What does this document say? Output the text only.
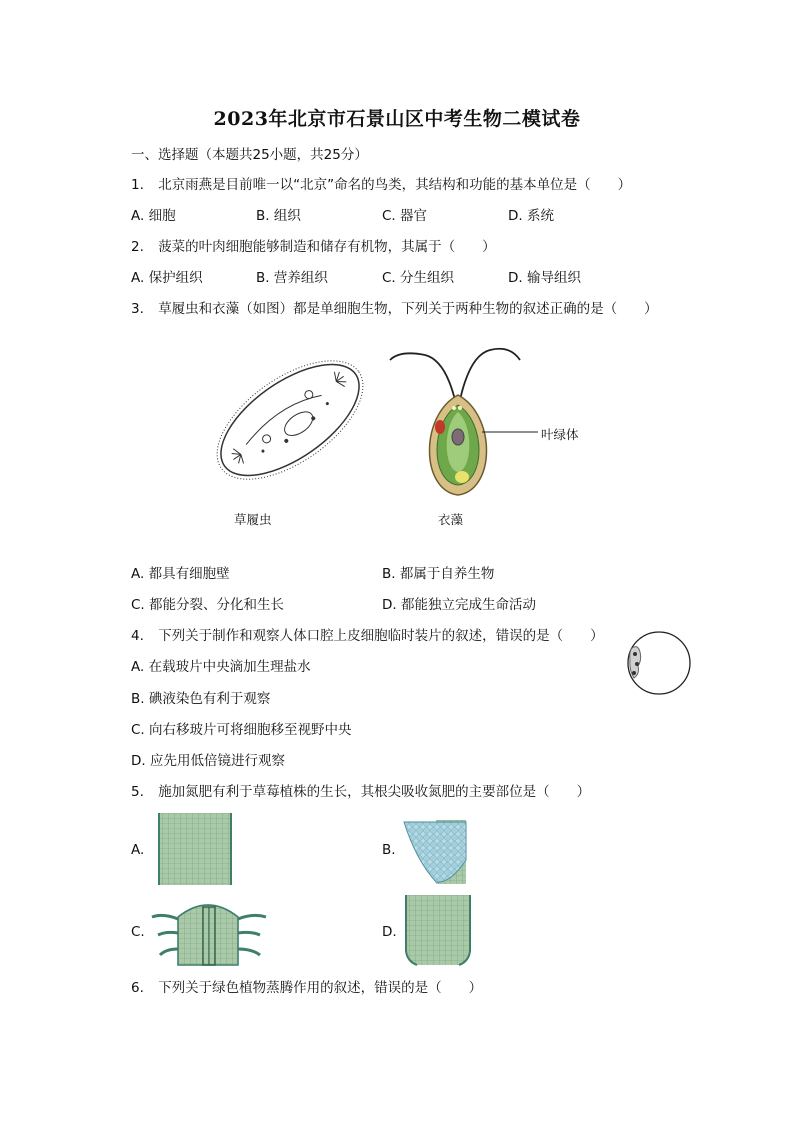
2023年北京市石景山区中考生物二模试卷
一、选择题（本题共25小题，共25分）
1. 北京雨燕是目前唯一以“北京”命名的鸟类，其结构和功能的基本单位是（　　）
A. 细胞	B. 组织	C. 器官	D. 系统
2. 菠菜的叶肉细胞能够制造和储存有机物，其属于（　　）
A. 保护组织	B. 营养组织	C. 分生组织	D. 输导组织
3. 草履虫和衣藻（如图）都是单细胞生物，下列关于两种生物的叙述正确的是（　　）
草履虫
叶绿体
衣藻
A. 都具有细胞壁	B. 都属于自养生物
C. 都能分裂、分化和生长	D. 都能独立完成生命活动
4. 下列关于制作和观察人体口腔上皮细胞临时装片的叙述，错误的是（　　）
A. 在载玻片中央滴加生理盐水
B. 碘液染色有利于观察
C. 向右移玻片可将细胞移至视野中央
D. 应先用低倍镜进行观察
5. 施加氮肥有利于草莓植株的生长，其根尖吸收氮肥的主要部位是（　　）
A.	B.
C.	D.
6. 下列关于绿色植物蒸腾作用的叙述，错误的是（　　）
